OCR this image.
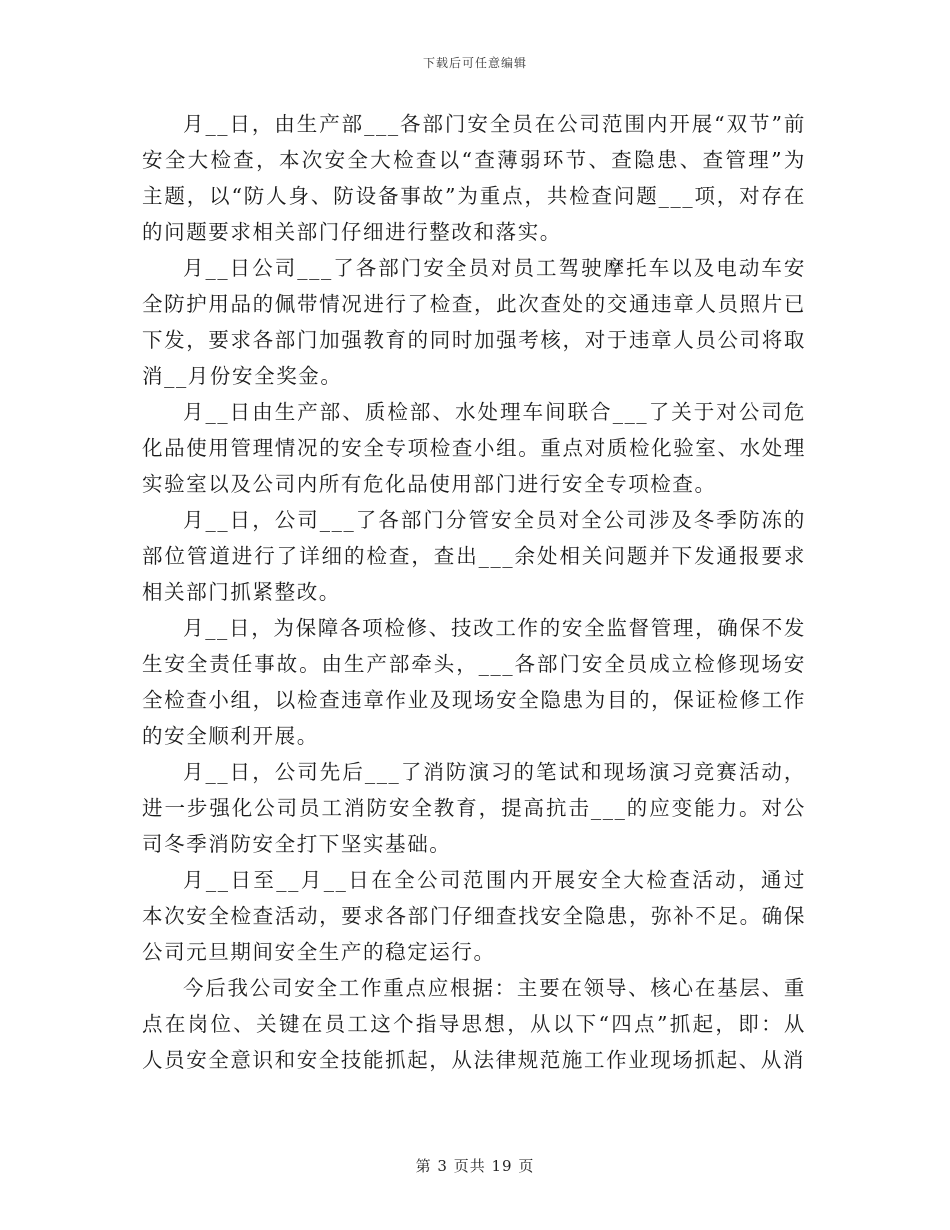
下载后可任意编辑

月__日，由生产部___各部门安全员在公司范围内开展“双节”前安全大检查，本次安全大检查以“查薄弱环节、查隐患、查管理”为主题，以“防人身、防设备事故”为重点，共检查问题___项，对存在的问题要求相关部门仔细进行整改和落实。

月__日公司___了各部门安全员对员工驾驶摩托车以及电动车安全防护用品的佩带情况进行了检查，此次查处的交通违章人员照片已下发，要求各部门加强教育的同时加强考核，对于违章人员公司将取消__月份安全奖金。

月__日由生产部、质检部、水处理车间联合___了关于对公司危化品使用管理情况的安全专项检查小组。重点对质检化验室、水处理实验室以及公司内所有危化品使用部门进行安全专项检查。

月__日，公司___了各部门分管安全员对全公司涉及冬季防冻的部位管道进行了详细的检查，查出___余处相关问题并下发通报要求相关部门抓紧整改。

月__日，为保障各项检修、技改工作的安全监督管理，确保不发生安全责任事故。由生产部牵头，___各部门安全员成立检修现场安全检查小组，以检查违章作业及现场安全隐患为目的，保证检修工作的安全顺利开展。

月__日，公司先后___了消防演习的笔试和现场演习竞赛活动，进一步强化公司员工消防安全教育，提高抗击___的应变能力。对公司冬季消防安全打下坚实基础。

月__日至__月__日在全公司范围内开展安全大检查活动，通过本次安全检查活动，要求各部门仔细查找安全隐患，弥补不足。确保公司元旦期间安全生产的稳定运行。

今后我公司安全工作重点应根据：主要在领导、核心在基层、重点在岗位、关键在员工这个指导思想，从以下“四点”抓起，即：从人员安全意识和安全技能抓起，从法律规范施工作业现场抓起、从消

第 3 页共 19 页
